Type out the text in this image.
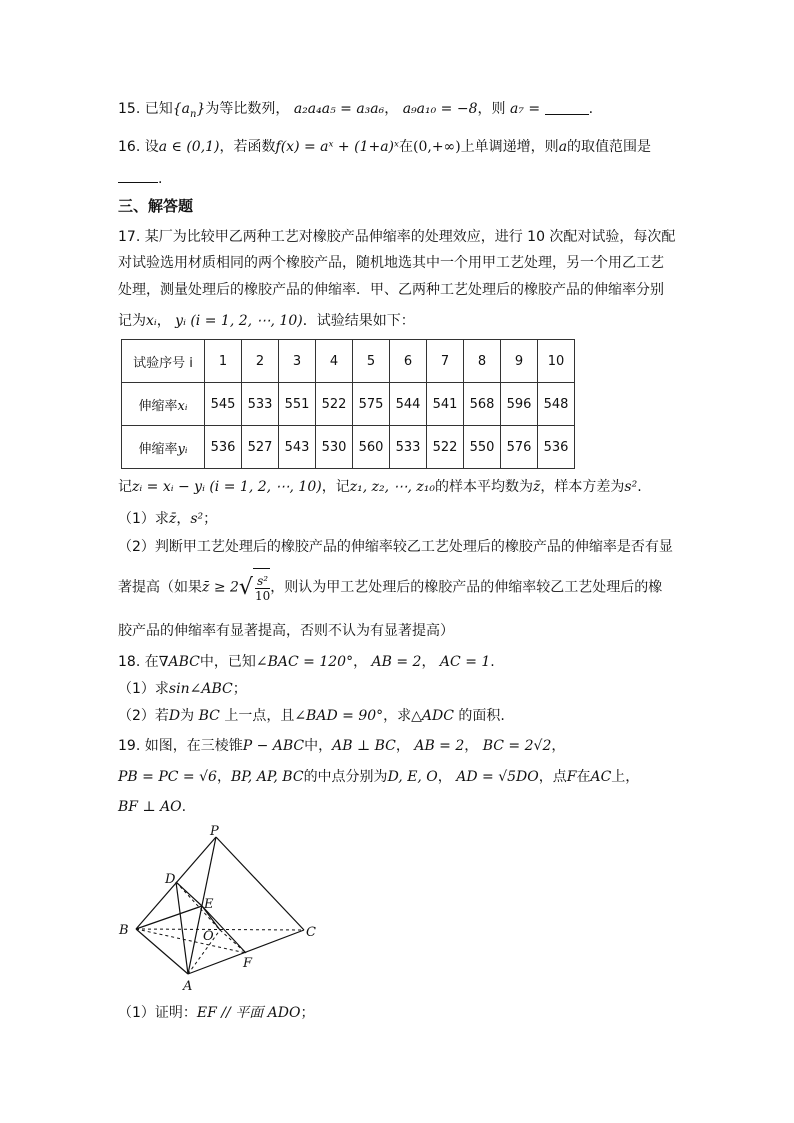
15. 已知$\{a_n\}$为等比数列， a₂a₄a₅ = a₃a₆， a₉a₁₀ = −8，则 a₇ =	.
16. 设a ∈ (0,1)，若函数f(x) = aˣ + (1+a)ˣ在(0,+∞)上单调递增，则a的取值范围是
.
三、解答题
17. 某厂为比较甲乙两种工艺对橡胶产品伸缩率的处理效应，进行 10 次配对试验，每次配
对试验选用材质相同的两个橡胶产品，随机地选其中一个用甲工艺处理，另一个用乙工艺
处理，测量处理后的橡胶产品的伸缩率．甲、乙两种工艺处理后的橡胶产品的伸缩率分别
记为xᵢ， yᵢ (i = 1, 2, ⋯, 10)．试验结果如下：
试验序号 i	1	2	3	4	5	6	7	8	9	10
伸缩率xᵢ	545	533	551	522	575	544	541	568	596	548
伸缩率yᵢ	536	527	543	530	560	533	522	550	576	536
记zᵢ = xᵢ − yᵢ (i = 1, 2, ⋯, 10)，记z₁, z₂, ⋯, z₁₀的样本平均数为z̄，样本方差为s².
（1）求z̄，s²；
（2）判断甲工艺处理后的橡胶产品的伸缩率较乙工艺处理后的橡胶产品的伸缩率是否有显
著提高（如果z̄ ≥ 2 √ $\frac{\text{s²}}{10}$ ，则认为甲工艺处理后的橡胶产品的伸缩率较乙工艺处理后的橡
胶产品的伸缩率有显著提高，否则不认为有显著提高）
18. 在∇ABC中，已知∠BAC = 120°， AB = 2， AC = 1.
（1）求sin∠ABC；
（2）若D为 BC 上一点，且∠BAD = 90°，求△ADC 的面积.
19. 如图，在三棱锥P − ABC中，AB ⊥ BC， AB = 2， BC = 2√2，
PB = PC = √6，BP, AP, BC的中点分别为D, E, O， AD = √5DO，点F在AC上，
BF ⊥ AO.
P
D
E
B	O	C
F
A
（1）证明：EF // 平面 ADO；
